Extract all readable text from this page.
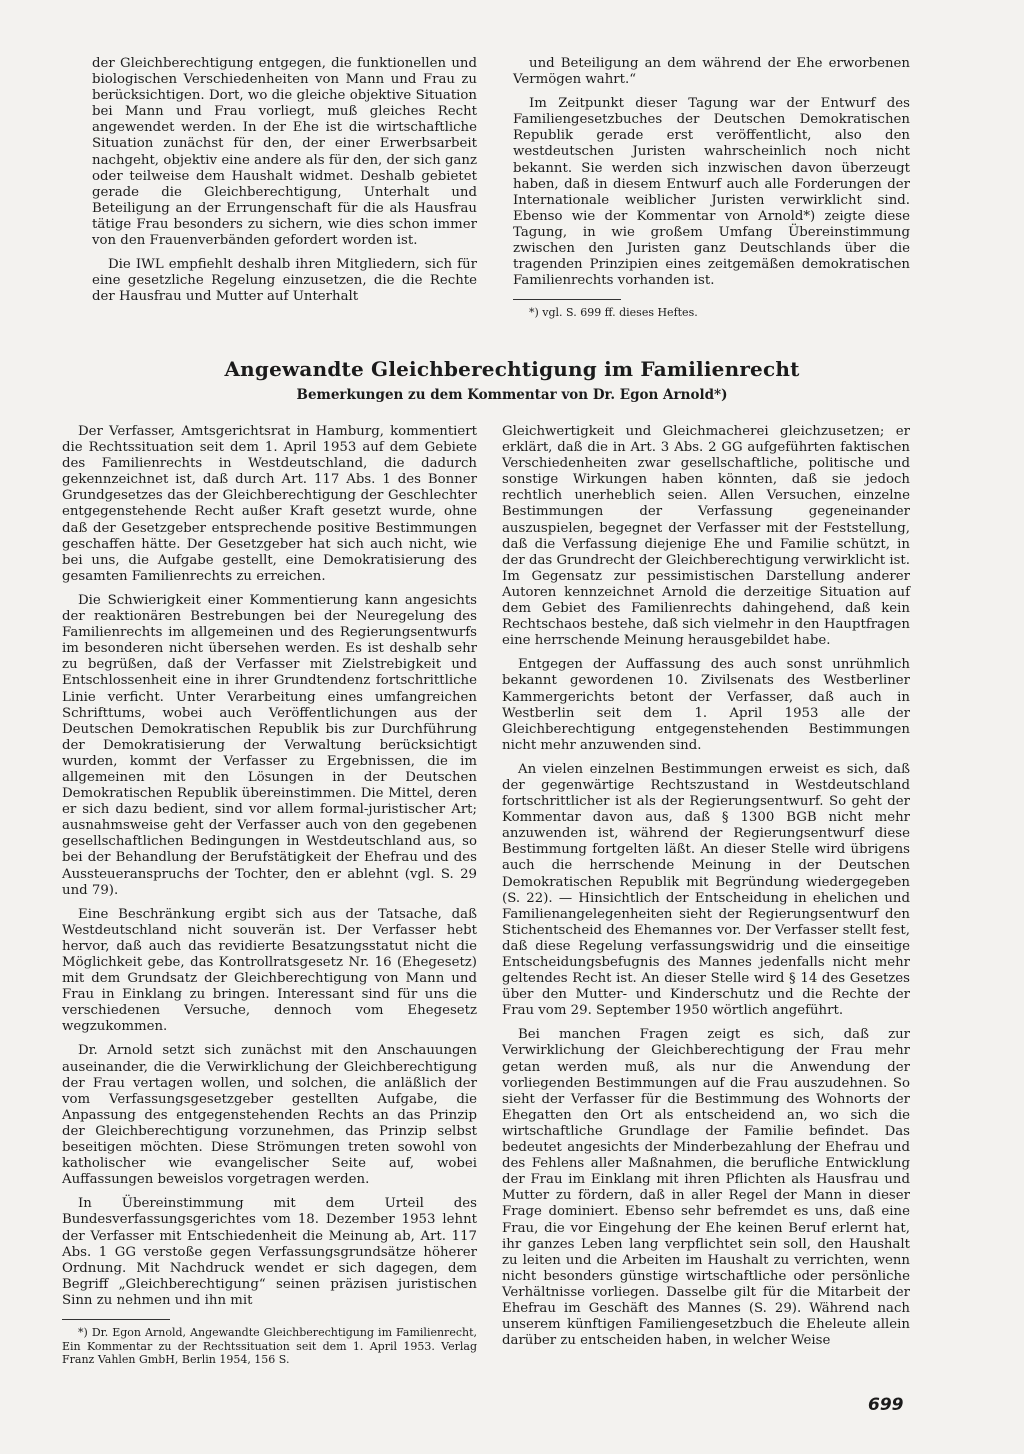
der Gleichberechtigung entgegen, die funktionellen und biologischen Verschiedenheiten von Mann und Frau zu berücksichtigen. Dort, wo die gleiche objektive Situation bei Mann und Frau vorliegt, muß gleiches Recht angewendet werden. In der Ehe ist die wirtschaftliche Situation zunächst für den, der einer Erwerbsarbeit nachgeht, objektiv eine andere als für den, der sich ganz oder teilweise dem Haushalt widmet. Deshalb gebietet gerade die Gleichberechtigung, Unterhalt und Beteiligung an der Errungenschaft für die als Hausfrau tätige Frau besonders zu sichern, wie dies schon immer von den Frauenverbänden gefordert worden ist.

Die IWL empfiehlt deshalb ihren Mitgliedern, sich für eine gesetzliche Regelung einzusetzen, die die Rechte der Hausfrau und Mutter auf Unterhalt

und Beteiligung an dem während der Ehe erworbenen Vermögen wahrt.“

Im Zeitpunkt dieser Tagung war der Entwurf des Familiengesetzbuches der Deutschen Demokratischen Republik gerade erst veröffentlicht, also den westdeutschen Juristen wahrscheinlich noch nicht bekannt. Sie werden sich inzwischen davon überzeugt haben, daß in diesem Entwurf auch alle Forderungen der Internationale weiblicher Juristen verwirklicht sind. Ebenso wie der Kommentar von Arnold*) zeigte diese Tagung, in wie großem Umfang Übereinstimmung zwischen den Juristen ganz Deutschlands über die tragenden Prinzipien eines zeitgemäßen demokratischen Familienrechts vorhanden ist.

*) vgl. S. 699 ff. dieses Heftes.

Angewandte Gleichberechtigung im Familienrecht
Bemerkungen zu dem Kommentar von Dr. Egon Arnold*)

Der Verfasser, Amtsgerichtsrat in Hamburg, kommentiert die Rechtssituation seit dem 1. April 1953 auf dem Gebiete des Familienrechts in Westdeutschland, die dadurch gekennzeichnet ist, daß durch Art. 117 Abs. 1 des Bonner Grundgesetzes das der Gleichberechtigung der Geschlechter entgegenstehende Recht außer Kraft gesetzt wurde, ohne daß der Gesetzgeber entsprechende positive Bestimmungen geschaffen hätte. Der Gesetzgeber hat sich auch nicht, wie bei uns, die Aufgabe gestellt, eine Demokratisierung des gesamten Familienrechts zu erreichen.

Die Schwierigkeit einer Kommentierung kann angesichts der reaktionären Bestrebungen bei der Neuregelung des Familienrechts im allgemeinen und des Regierungsentwurfs im besonderen nicht übersehen werden. Es ist deshalb sehr zu begrüßen, daß der Verfasser mit Zielstrebigkeit und Entschlossenheit eine in ihrer Grundtendenz fortschrittliche Linie verficht. Unter Verarbeitung eines umfangreichen Schrifttums, wobei auch Veröffentlichungen aus der Deutschen Demokratischen Republik bis zur Durchführung der Demokratisierung der Verwaltung berücksichtigt wurden, kommt der Verfasser zu Ergebnissen, die im allgemeinen mit den Lösungen in der Deutschen Demokratischen Republik übereinstimmen. Die Mittel, deren er sich dazu bedient, sind vor allem formal-juristischer Art; ausnahmsweise geht der Verfasser auch von den gegebenen gesellschaftlichen Bedingungen in Westdeutschland aus, so bei der Behandlung der Berufstätigkeit der Ehefrau und des Aussteueranspruchs der Tochter, den er ablehnt (vgl. S. 29 und 79).

Eine Beschränkung ergibt sich aus der Tatsache, daß Westdeutschland nicht souverän ist. Der Verfasser hebt hervor, daß auch das revidierte Besatzungsstatut nicht die Möglichkeit gebe, das Kontrollratsgesetz Nr. 16 (Ehegesetz) mit dem Grundsatz der Gleichberechtigung von Mann und Frau in Einklang zu bringen. Interessant sind für uns die verschiedenen Versuche, dennoch vom Ehegesetz wegzukommen.

Dr. Arnold setzt sich zunächst mit den Anschauungen auseinander, die die Verwirklichung der Gleichberechtigung der Frau vertagen wollen, und solchen, die anläßlich der vom Verfassungsgesetzgeber gestellten Aufgabe, die Anpassung des entgegenstehenden Rechts an das Prinzip der Gleichberechtigung vorzunehmen, das Prinzip selbst beseitigen möchten. Diese Strömungen treten sowohl von katholischer wie evangelischer Seite auf, wobei Auffassungen beweislos vorgetragen werden.

In Übereinstimmung mit dem Urteil des Bundesverfassungsgerichtes vom 18. Dezember 1953 lehnt der Verfasser mit Entschiedenheit die Meinung ab, Art. 117 Abs. 1 GG verstoße gegen Verfassungsgrundsätze höherer Ordnung. Mit Nachdruck wendet er sich dagegen, dem Begriff „Gleichberechtigung“ seinen präzisen juristischen Sinn zu nehmen und ihn mit

*) Dr. Egon Arnold, Angewandte Gleichberechtigung im Familienrecht, Ein Kommentar zu der Rechtssituation seit dem 1. April 1953. Verlag Franz Vahlen GmbH, Berlin 1954, 156 S.

Gleichwertigkeit und Gleichmacherei gleichzusetzen; er erklärt, daß die in Art. 3 Abs. 2 GG aufgeführten faktischen Verschiedenheiten zwar gesellschaftliche, politische und sonstige Wirkungen haben könnten, daß sie jedoch rechtlich unerheblich seien. Allen Versuchen, einzelne Bestimmungen der Verfassung gegeneinander auszuspielen, begegnet der Verfasser mit der Feststellung, daß die Verfassung diejenige Ehe und Familie schützt, in der das Grundrecht der Gleichberechtigung verwirklicht ist. Im Gegensatz zur pessimistischen Darstellung anderer Autoren kennzeichnet Arnold die derzeitige Situation auf dem Gebiet des Familienrechts dahingehend, daß kein Rechtschaos bestehe, daß sich vielmehr in den Hauptfragen eine herrschende Meinung herausgebildet habe.

Entgegen der Auffassung des auch sonst unrühmlich bekannt gewordenen 10. Zivilsenats des Westberliner Kammergerichts betont der Verfasser, daß auch in Westberlin seit dem 1. April 1953 alle der Gleichberechtigung entgegenstehenden Bestimmungen nicht mehr anzuwenden sind.

An vielen einzelnen Bestimmungen erweist es sich, daß der gegenwärtige Rechtszustand in Westdeutschland fortschrittlicher ist als der Regierungsentwurf. So geht der Kommentar davon aus, daß § 1300 BGB nicht mehr anzuwenden ist, während der Regierungsentwurf diese Bestimmung fortgelten läßt. An dieser Stelle wird übrigens auch die herrschende Meinung in der Deutschen Demokratischen Republik mit Begründung wiedergegeben (S. 22). — Hinsichtlich der Entscheidung in ehelichen und Familienangelegenheiten sieht der Regierungsentwurf den Stichentscheid des Ehemannes vor. Der Verfasser stellt fest, daß diese Regelung verfassungswidrig und die einseitige Entscheidungsbefugnis des Mannes jedenfalls nicht mehr geltendes Recht ist. An dieser Stelle wird § 14 des Gesetzes über den Mutter- und Kinderschutz und die Rechte der Frau vom 29. September 1950 wörtlich angeführt.

Bei manchen Fragen zeigt es sich, daß zur Verwirklichung der Gleichberechtigung der Frau mehr getan werden muß, als nur die Anwendung der vorliegenden Bestimmungen auf die Frau auszudehnen. So sieht der Verfasser für die Bestimmung des Wohnorts der Ehegatten den Ort als entscheidend an, wo sich die wirtschaftliche Grundlage der Familie befindet. Das bedeutet angesichts der Minderbezahlung der Ehefrau und des Fehlens aller Maßnahmen, die berufliche Entwicklung der Frau im Einklang mit ihren Pflichten als Hausfrau und Mutter zu fördern, daß in aller Regel der Mann in dieser Frage dominiert. Ebenso sehr befremdet es uns, daß eine Frau, die vor Eingehung der Ehe keinen Beruf erlernt hat, ihr ganzes Leben lang verpflichtet sein soll, den Haushalt zu leiten und die Arbeiten im Haushalt zu verrichten, wenn nicht besonders günstige wirtschaftliche oder persönliche Verhältnisse vorliegen. Dasselbe gilt für die Mitarbeit der Ehefrau im Geschäft des Mannes (S. 29). Während nach unserem künftigen Familiengesetzbuch die Eheleute allein darüber zu entscheiden haben, in welcher Weise

699
